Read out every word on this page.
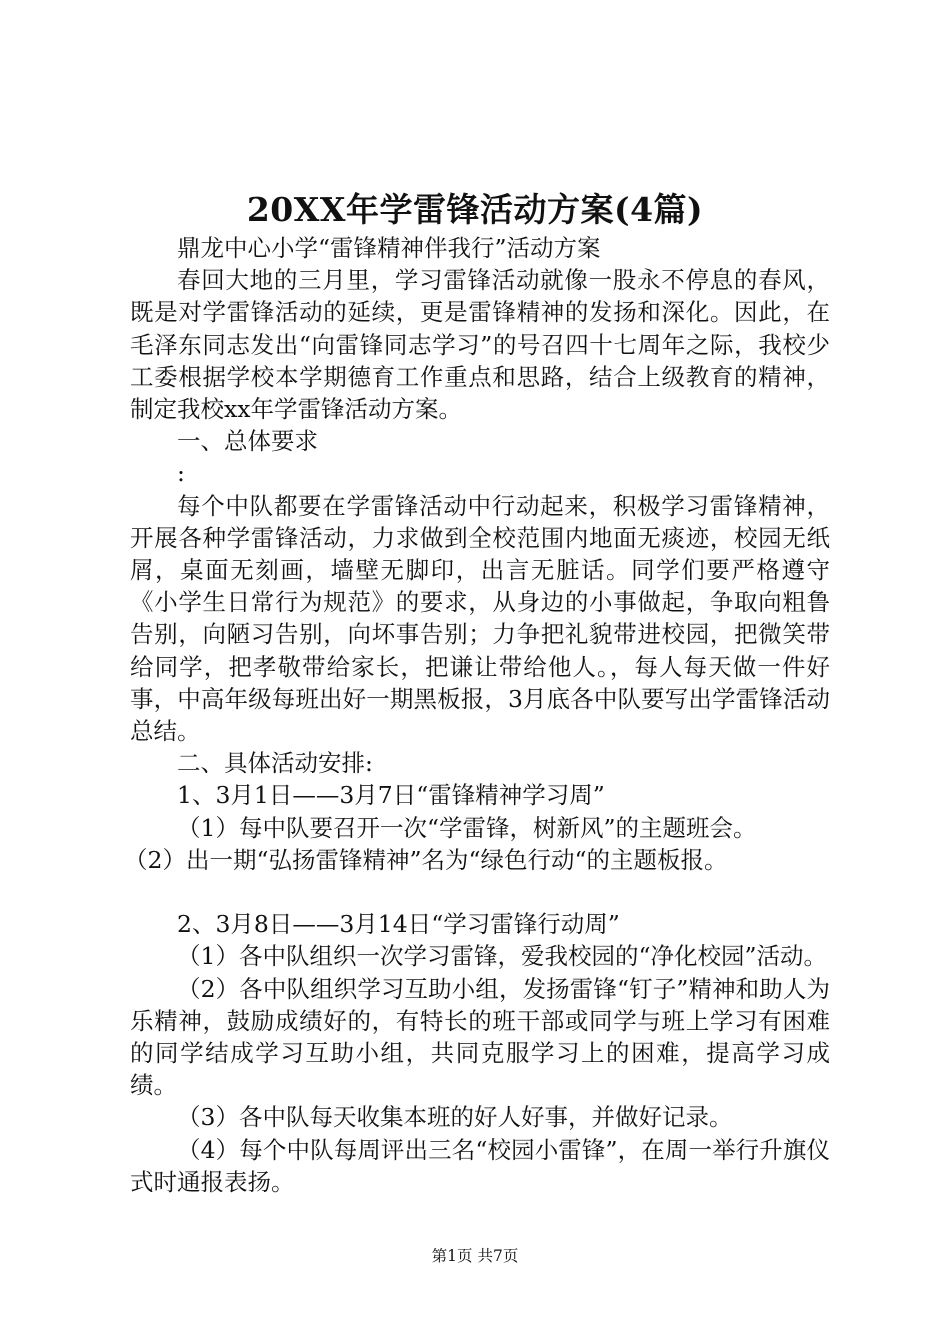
20XX年学雷锋活动方案(4篇)

鼎龙中心小学“雷锋精神伴我行”活动方案

春回大地的三月里，学习雷锋活动就像一股永不停息的春风，既是对学雷锋活动的延续，更是雷锋精神的发扬和深化。因此，在毛泽东同志发出“向雷锋同志学习”的号召四十七周年之际，我校少工委根据学校本学期德育工作重点和思路，结合上级教育的精神，制定我校xx年学雷锋活动方案。

一、总体要求

:

每个中队都要在学雷锋活动中行动起来，积极学习雷锋精神，开展各种学雷锋活动，力求做到全校范围内地面无痰迹，校园无纸屑，桌面无刻画，墙壁无脚印，出言无脏话。同学们要严格遵守《小学生日常行为规范》的要求，从身边的小事做起，争取向粗鲁告别，向陋习告别，向坏事告别；力争把礼貌带进校园，把微笑带给同学，把孝敬带给家长，把谦让带给他人。，每人每天做一件好事，中高年级每班出好一期黑板报，3月底各中队要写出学雷锋活动总结。

二、具体活动安排:

1、3月1日——3月7日“雷锋精神学习周”

（1）每中队要召开一次“学雷锋，树新风”的主题班会。

（2）出一期“弘扬雷锋精神”名为“绿色行动“的主题板报。

2、3月8日——3月14日“学习雷锋行动周”

（1）各中队组织一次学习雷锋，爱我校园的“净化校园”活动。

（2）各中队组织学习互助小组，发扬雷锋“钉子”精神和助人为乐精神，鼓励成绩好的，有特长的班干部或同学与班上学习有困难的同学结成学习互助小组，共同克服学习上的困难，提高学习成绩。

（3）各中队每天收集本班的好人好事，并做好记录。

（4）每个中队每周评出三名“校园小雷锋”，在周一举行升旗仪式时通报表扬。

第1页 共7页
